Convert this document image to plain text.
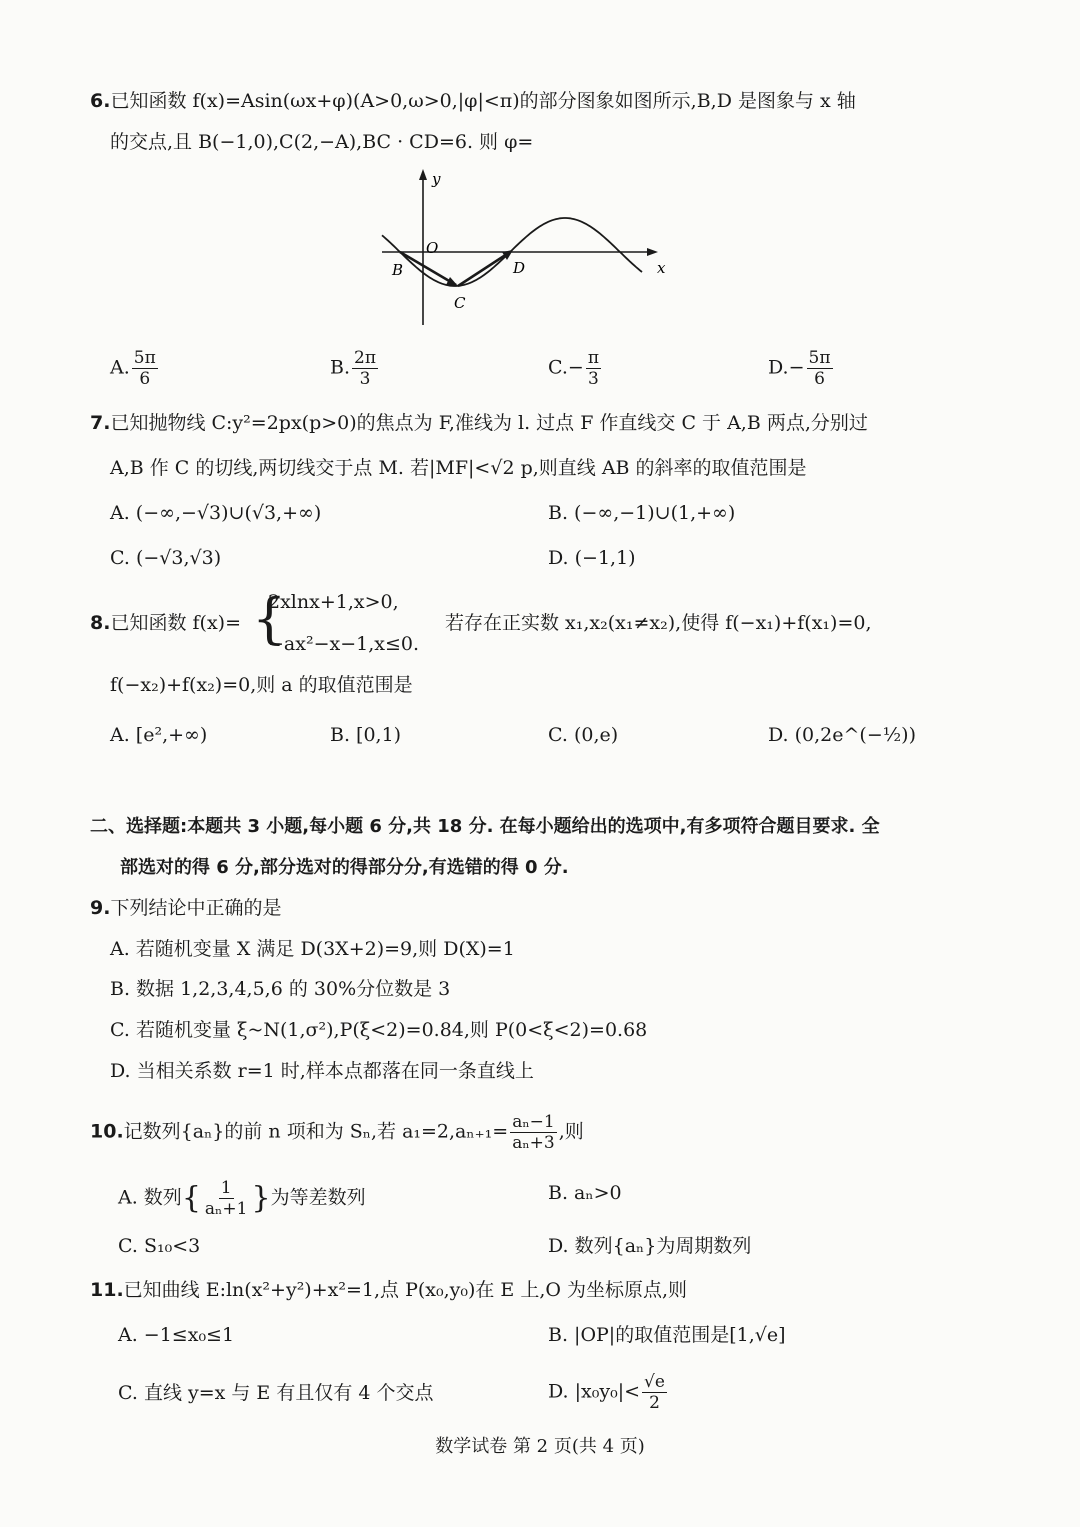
6.已知函数 f(x)=Asin(ωx+φ)(A>0,ω>0,|φ|<π)的部分图象如图所示,B,D 是图象与 x 轴
的交点,且 B(−1,0),C(2,−A),BC · CD=6. 则 φ=
y
O
B
C
D	x
A. $\frac{5\pi}{6}$	B. $\frac{2\pi}{3}$	$C.- \frac{\pi}{3}$	$D.- \frac{5\pi}{6}$
7.已知抛物线 C:y²=2px(p>0)的焦点为 F,准线为 l. 过点 F 作直线交 C 于 A,B 两点,分别过
A,B 作 C 的切线,两切线交于点 M. 若|MF|<√2 p,则直线 AB 的斜率的取值范围是
A. (−∞,−√3)∪(√3,+∞)	B. (−∞,−1)∪(1,+∞)
C. (−√3,√3)	D. (−1,1)
8.已知函数 f(x)= {
2xlnx+1,x>0,
−ax²−x−1,x≤0.
若存在正实数 x₁,x₂(x₁≠x₂),使得 f(−x₁)+f(x₁)=0,
f(−x₂)+f(x₂)=0,则 a 的取值范围是
A. [e²,+∞)	B. [0,1)	C. (0,e)	D. (0,2e^(−½))
二、选择题:本题共 3 小题,每小题 6 分,共 18 分. 在每小题给出的选项中,有多项符合题目要求. 全
部选对的得 6 分,部分选对的得部分分,有选错的得 0 分.
9.下列结论中正确的是
A. 若随机变量 X 满足 D(3X+2)=9,则 D(X)=1
B. 数据 1,2,3,4,5,6 的 30%分位数是 3
C. 若随机变量 ξ~N(1,σ²),P(ξ<2)=0.84,则 P(0<ξ<2)=0.68
D. 当相关系数 r=1 时,样本点都落在同一条直线上
10.记数列{aₙ}的前 n 项和为 Sₙ,若 $a_1=2,a_{n+1}= \frac{\text{aₙ−1}}{\text{aₙ+3}}$ ,则
A. 数列{ $\frac{1}{\text{aₙ+1}}$ }为等差数列	B. aₙ>0
C. S₁₀<3	D. 数列{aₙ}为周期数列
11.已知曲线 E:ln(x²+y²)+x²=1,点 P(x₀,y₀)在 E 上,O 为坐标原点,则
A. −1≤x₀≤1	B. |OP|的取值范围是[1,√e]
C. 直线 y=x 与 E 有且仅有 4 个交点	D. $|x_0y_0|< \frac{√e}{2}$
数学试卷 第 2 页(共 4 页)
